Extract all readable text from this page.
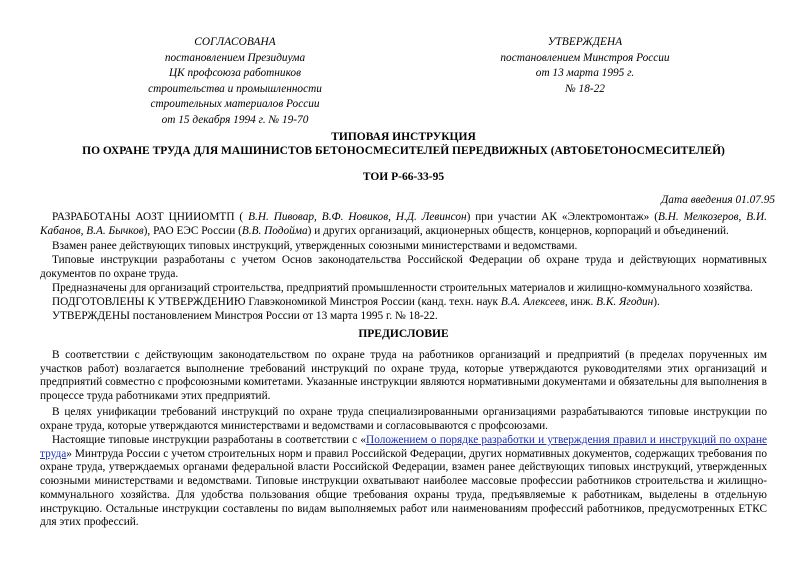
СОГЛАСОВАНА
постановлением Президиума
ЦК профсоюза работников
строительства и промышленности
строительных материалов России
от 15 декабря 1994 г. № 19-70
УТВЕРЖДЕНА
постановлением Минстроя России
от 13 марта 1995 г.
№ 18-22
ТИПОВАЯ ИНСТРУКЦИЯ
ПО ОХРАНЕ ТРУДА ДЛЯ МАШИНИСТОВ БЕТОНОСМЕСИТЕЛЕЙ ПЕРЕДВИЖНЫХ (АВТОБЕТОНОСМЕСИТЕЛЕЙ)
ТОИ Р-66-33-95
Дата введения 01.07.95
РАЗРАБОТАНЫ АОЗТ ЦНИИОМТП ( В.Н. Пивовар, В.Ф. Новиков, Н.Д. Левинсон) при участии АК «Электромонтаж» (В.Н. Мелкозеров, В.И. Кабанов, В.А. Бычков), РАО ЕЭС России (В.В. Подойма) и других организаций, акционерных обществ, концернов, корпораций и объединений.
Взамен ранее действующих типовых инструкций, утвержденных союзными министерствами и ведомствами.
Типовые инструкции разработаны с учетом Основ законодательства Российской Федерации об охране труда и действующих нормативных документов по охране труда.
Предназначены для организаций строительства, предприятий промышленности строительных материалов и жилищно-коммунального хозяйства.
ПОДГОТОВЛЕНЫ К УТВЕРЖДЕНИЮ Главэкономикой Минстроя России (канд. техн. наук В.А. Алексеев, инж. В.К. Ягодин).
УТВЕРЖДЕНЫ постановлением Минстроя России от 13 марта 1995 г. № 18-22.
ПРЕДИСЛОВИЕ
В соответствии с действующим законодательством по охране труда на работников организаций и предприятий (в пределах порученных им участков работ) возлагается выполнение требований инструкций по охране труда, которые утверждаются руководителями этих организаций и предприятий совместно с профсоюзными комитетами. Указанные инструкции являются нормативными документами и обязательны для выполнения в процессе труда работниками этих предприятий.
В целях унификации требований инструкций по охране труда специализированными организациями разрабатываются типовые инструкции по охране труда, которые утверждаются министерствами и ведомствами и согласовываются с профсоюзами.
Настоящие типовые инструкции разработаны в соответствии с «Положением о порядке разработки и утверждения правил и инструкций по охране труда» Минтруда России с учетом строительных норм и правил Российской Федерации, других нормативных документов, содержащих требования по охране труда, утверждаемых органами федеральной власти Российской Федерации, взамен ранее действующих типовых инструкций, утвержденных союзными министерствами и ведомствами. Типовые инструкции охватывают наиболее массовые профессии работников строительства и жилищно-коммунального хозяйства. Для удобства пользования общие требования охраны труда, предъявляемые к работникам, выделены в отдельную инструкцию. Остальные инструкции составлены по видам выполняемых работ или наименованиям профессий работников, предусмотренных ЕТКС для этих профессий.
